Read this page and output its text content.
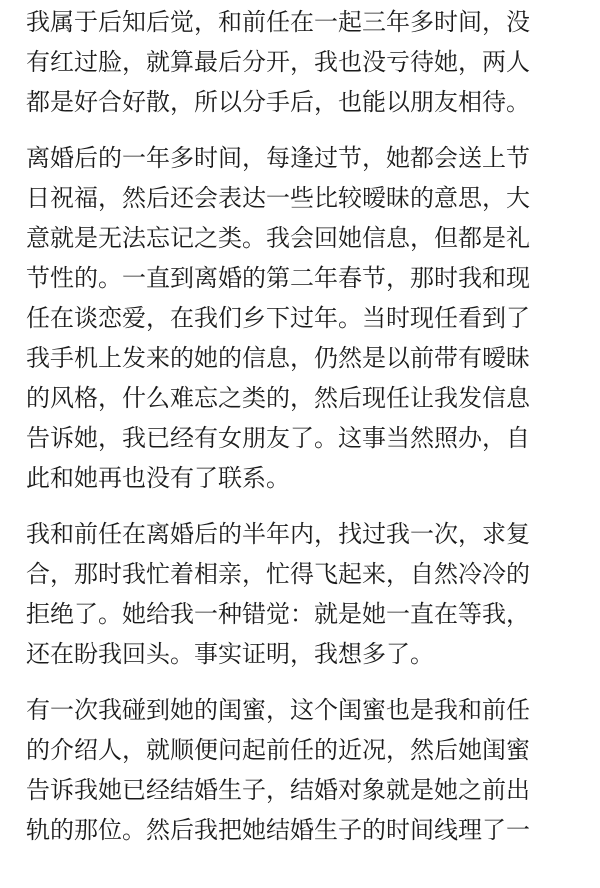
我属于后知后觉，和前任在一起三年多时间，没
有红过脸，就算最后分开，我也没亏待她，两人
都是好合好散，所以分手后，也能以朋友相待。
离婚后的一年多时间，每逢过节，她都会送上节
日祝福，然后还会表达一些比较暧昧的意思，大
意就是无法忘记之类。我会回她信息，但都是礼
节性的。一直到离婚的第二年春节，那时我和现
任在谈恋爱，在我们乡下过年。当时现任看到了
我手机上发来的她的信息，仍然是以前带有暧昧
的风格，什么难忘之类的，然后现任让我发信息
告诉她，我已经有女朋友了。这事当然照办，自
此和她再也没有了联系。
我和前任在离婚后的半年内，找过我一次，求复
合，那时我忙着相亲，忙得飞起来，自然冷冷的
拒绝了。她给我一种错觉：就是她一直在等我，
还在盼我回头。事实证明，我想多了。
有一次我碰到她的闺蜜，这个闺蜜也是我和前任
的介绍人，就顺便问起前任的近况，然后她闺蜜
告诉我她已经结婚生子，结婚对象就是她之前出
轨的那位。然后我把她结婚生子的时间线理了一
